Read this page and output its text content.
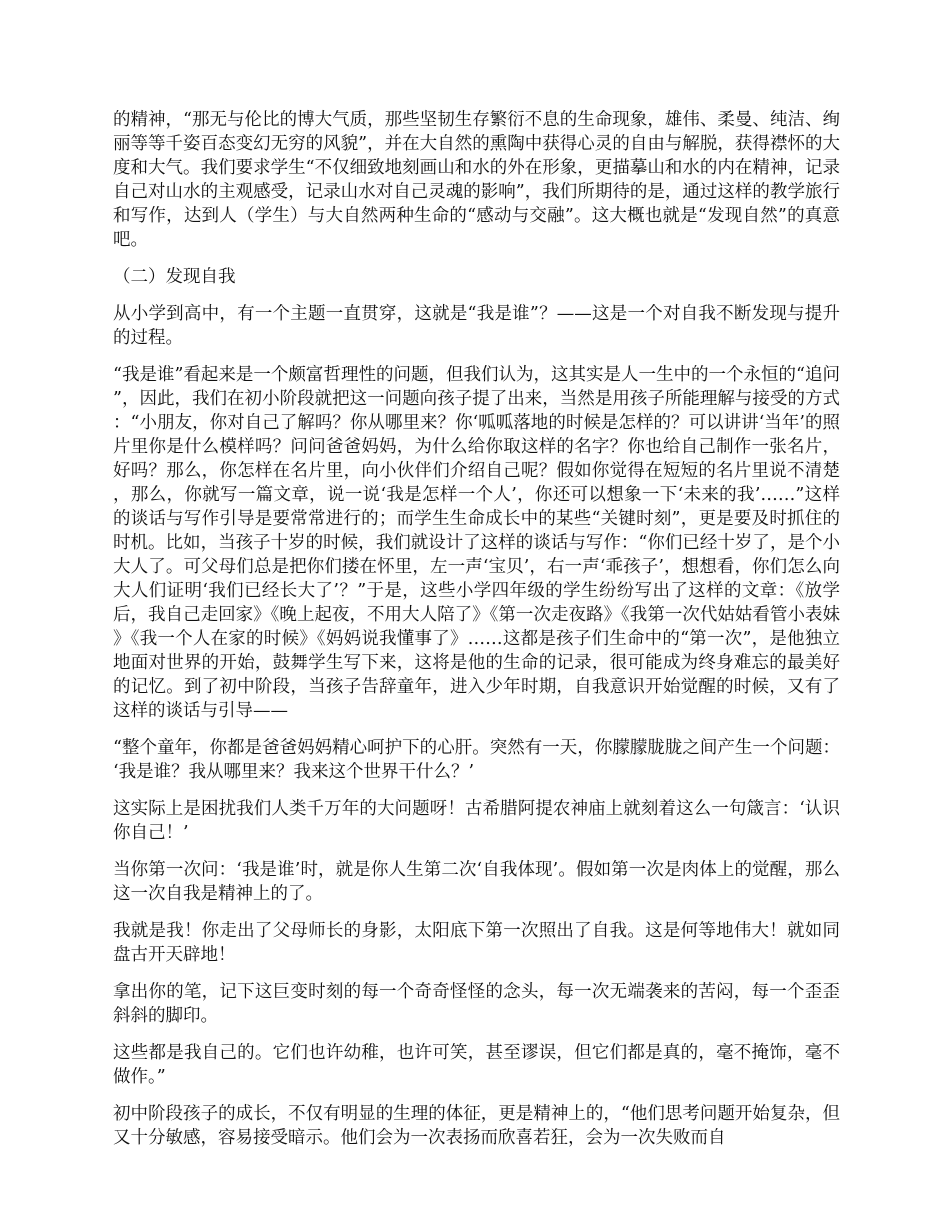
的精神，“那无与伦比的博大气质，那些坚韧生存繁衍不息的生命现象，雄伟、柔曼、纯洁、绚丽等等千姿百态变幻无穷的风貌”，并在大自然的熏陶中获得心灵的自由与解脱，获得襟怀的大度和大气。我们要求学生“不仅细致地刻画山和水的外在形象，更描摹山和水的内在精神，记录自己对山水的主观感受，记录山水对自己灵魂的影响”，我们所期待的是，通过这样的教学旅行和写作，达到人（学生）与大自然两种生命的“感动与交融”。这大概也就是“发现自然”的真意吧。

（二）发现自我

从小学到高中，有一个主题一直贯穿，这就是“我是谁”？——这是一个对自我不断发现与提升的过程。

“我是谁”看起来是一个颇富哲理性的问题，但我们认为，这其实是人一生中的一个永恒的“追问”，因此，我们在初小阶段就把这一问题向孩子提了出来，当然是用孩子所能理解与接受的方式：“小朋友，你对自己了解吗？你从哪里来？你‘呱呱落地的时候是怎样的？可以讲讲‘当年’的照片里你是什么模样吗？问问爸爸妈妈，为什么给你取这样的名字？你也给自己制作一张名片，好吗？那么，你怎样在名片里，向小伙伴们介绍自己呢？假如你觉得在短短的名片里说不清楚，那么，你就写一篇文章，说一说‘我是怎样一个人’，你还可以想象一下‘未来的我’……”这样的谈话与写作引导是要常常进行的；而学生生命成长中的某些“关键时刻”，更是要及时抓住的时机。比如，当孩子十岁的时候，我们就设计了这样的谈话与写作：“你们已经十岁了，是个小大人了。可父母们总是把你们搂在怀里，左一声‘宝贝’，右一声‘乖孩子’，想想看，你们怎么向大人们证明‘我们已经长大了’？”于是，这些小学四年级的学生纷纷写出了这样的文章：《放学后，我自己走回家》《晚上起夜，不用大人陪了》《第一次走夜路》《我第一次代姑姑看管小表妹》《我一个人在家的时候》《妈妈说我懂事了》……这都是孩子们生命中的“第一次”，是他独立地面对世界的开始，鼓舞学生写下来，这将是他的生命的记录，很可能成为终身难忘的最美好的记忆。到了初中阶段，当孩子告辞童年，进入少年时期，自我意识开始觉醒的时候，又有了这样的谈话与引导——

“整个童年，你都是爸爸妈妈精心呵护下的心肝。突然有一天，你朦朦胧胧之间产生一个问题：‘我是谁？我从哪里来？我来这个世界干什么？’

这实际上是困扰我们人类千万年的大问题呀！古希腊阿提农神庙上就刻着这么一句箴言：‘认识你自己！’

当你第一次问：‘我是谁’时，就是你人生第二次‘自我体现’。假如第一次是肉体上的觉醒，那么这一次自我是精神上的了。

我就是我！你走出了父母师长的身影，太阳底下第一次照出了自我。这是何等地伟大！就如同盘古开天辟地！

拿出你的笔，记下这巨变时刻的每一个奇奇怪怪的念头，每一次无端袭来的苦闷，每一个歪歪斜斜的脚印。

这些都是我自己的。它们也许幼稚，也许可笑，甚至谬误，但它们都是真的，毫不掩饰，毫不做作。”

初中阶段孩子的成长，不仅有明显的生理的体征，更是精神上的，“他们思考问题开始复杂，但又十分敏感，容易接受暗示。他们会为一次表扬而欣喜若狂，会为一次失败而自
